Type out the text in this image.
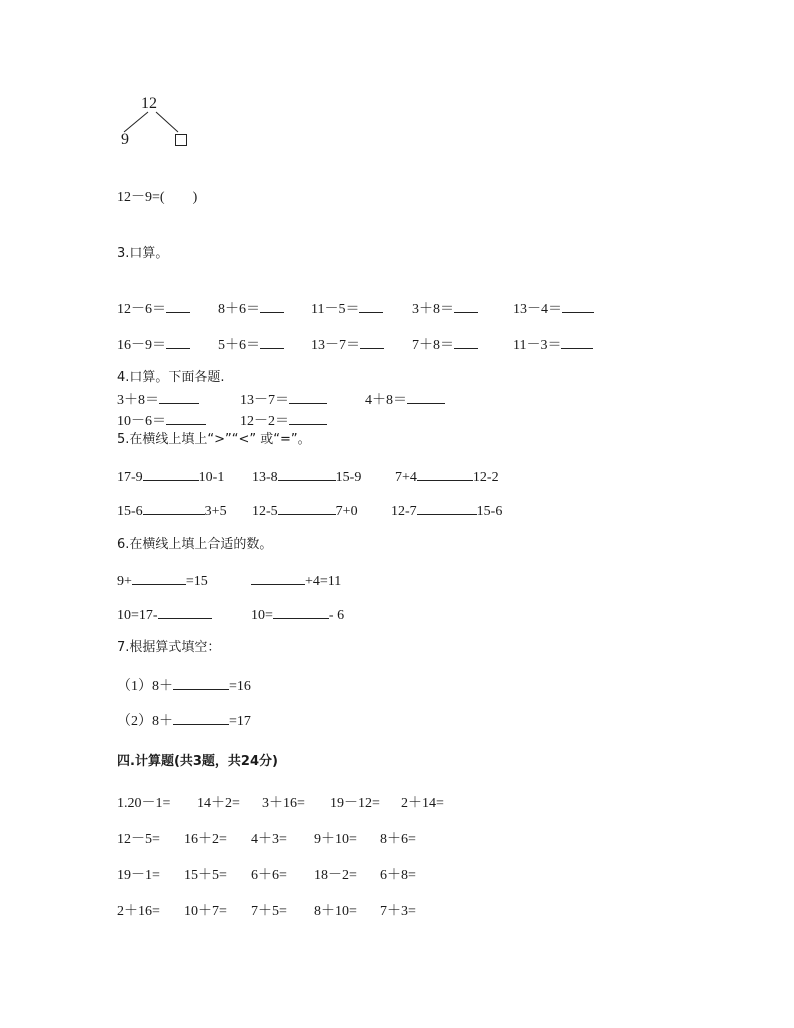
12
9
12－9=( )
3.口算。
12－6＝	8＋6＝	11－5＝	3＋8＝	13－4＝
16－9＝	5＋6＝	13－7＝	7＋8＝	11－3＝
4.口算。下面各题.
3＋8＝	13－7＝	4＋8＝
10－6＝	12－2＝
5.在横线上填上“>”“<” 或“=”。
17-9	10-1 13-8	15-9 7+4	12-2
15-6	3+5 12-5	7+0 12-7	15-6
6.在横线上填上合适的数。
9+	=15	+4=11
10=17-	10=	- 6
7.根据算式填空：
（1）8＋	=16
（2）8＋	=17
四.计算题(共3题，共24分)
1.20－1= 14＋2= 3＋16= 19－12= 2＋14=
12－5= 16＋2= 4＋3= 9＋10= 8＋6=
19－1= 15＋5= 6＋6= 18－2= 6＋8=
2＋16= 10＋7= 7＋5= 8＋10= 7＋3=
